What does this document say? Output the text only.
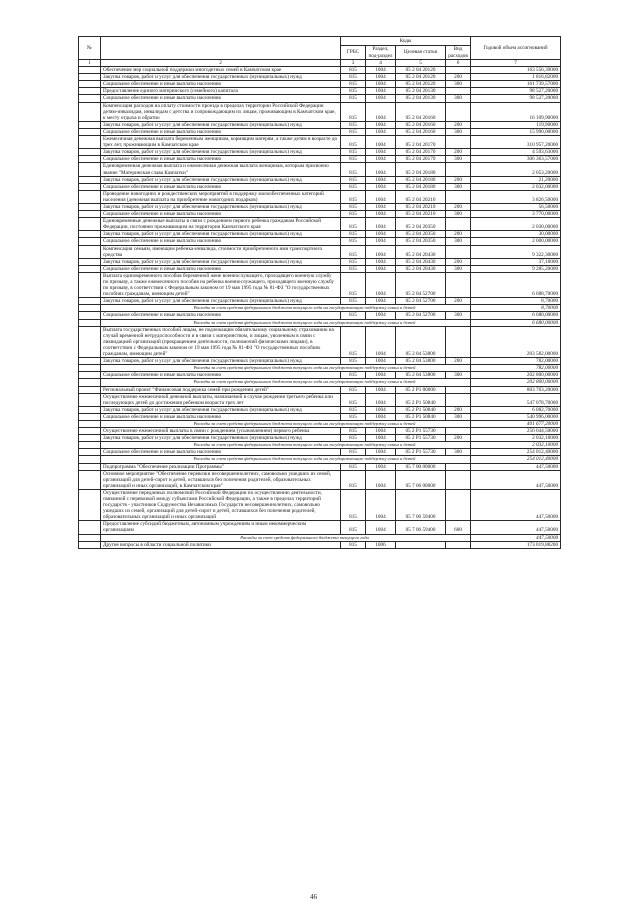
№		Коды				Годовой объем ассигнований
		ГРБС	Раздел, под-раздел	Целевая статья	Вид расходов	
1	2	3	4	5	6	7
	Обеспечение мер социальной поддержки многодетных семей в Камчатском крае	815	1004	05 2 04 20120		163 556,39000
	Закупка товаров, работ и услуг для обеспечения государственных (муниципальных) нужд	815	1004	05 2 04 20120	200	1 816,82000
	Социальное обеспечение и иные выплаты населению	815	1004	05 2 04 20120	300	161 739,57000
	Предоставление единого материнского (семейного) капитала	815	1004	05 2 04 20130		98 527,20000
	Социальное обеспечение и иные выплаты населению	815	1004	05 2 04 20130	300	98 527,20000
	Компенсация расходов на оплату стоимости проезда в пределах территории Российской Федерации детям-инвалидам, инвалидам с детства и сопровождающим их лицам, проживающим в Камчатском крае, к месту отдыха и обратно	815	1004	05 2 04 20160		16 109,90000
	Закупка товаров, работ и услуг для обеспечения государственных (муниципальных) нужд	815	1004	05 2 04 20160	200	119,90000
	Социальное обеспечение и иные выплаты населению	815	1004	05 2 04 20160	300	15 990,00000
	Ежемесячная денежная выплата беременным женщинам, кормящим матерям, а также детям в возрасте до трех лет, проживающим в Камчатском крае	815	1004	05 2 04 20170		310 957,20000
	Закупка товаров, работ и услуг для обеспечения государственных (муниципальных) нужд	815	1004	05 2 04 20170	200	4 593,63000
	Социальное обеспечение и иные выплаты населению	815	1004	05 2 04 20170	300	306 363,57000
	Единовременная денежная выплата и ежемесячная денежная выплата женщинам, которым присвоено звание "Материнская слава Камчатки"	815	1004	05 2 04 20180		2 053,20000
	Закупка товаров, работ и услуг для обеспечения государственных (муниципальных) нужд	815	1004	05 2 04 20180	200	21,20000
	Социальное обеспечение и иные выплаты населению	815	1004	05 2 04 20180	300	2 032,00000
	Проведение новогодних и рождественских мероприятий в поддержку малообеспеченных категорий населения (денежная выплата на приобретение новогодних подарков)	815	1004	05 2 04 20210		3 826,50000
	Закупка товаров, работ и услуг для обеспечения государственных (муниципальных) нужд	815	1004	05 2 04 20210	200	56,50000
	Социальное обеспечение и иные выплаты населению	815	1004	05 2 04 20210	300	3 770,00000
	Единовременные денежные выплаты в связи с рождением первого ребенка гражданам Российской Федерации, постоянно проживающим на территории Камчатского края	815	1004	05 2 04 20350		2 030,00000
	Закупка товаров, работ и услуг для обеспечения государственных (муниципальных) нужд	815	1004	05 2 04 20350	200	30,00000
	Социальное обеспечение и иные выплаты населению	815	1004	05 2 04 20350	300	2 000,00000
	Компенсация семьям, имеющим ребенка-инвалида, стоимости приобретенного ими транспортного средства	815	1004	05 2 04 20430		9 322,30000
	Закупка товаров, работ и услуг для обеспечения государственных (муниципальных) нужд	815	1004	05 2 04 20430	200	37,10000
	Социальное обеспечение и иные выплаты населению	815	1004	05 2 04 20430	300	9 285,20000
	Выплата единовременного пособия беременной жене военнослужащего, проходящего военную службу по призыву, а также ежемесячного пособия на ребенка военнослужащего, проходящего военную службу по призыву, в соответствии с Федеральным законом от 19 мая 1995 года № 81-ФЗ "О государственных пособиях гражданам, имеющим детей"	815	1004	05 2 04 52700		6 688,70000
	Закупка товаров, работ и услуг для обеспечения государственных (муниципальных) нужд	815	1004	05 2 04 52700	200	8,70000
	Расходы за счет средств федерального бюджета текущего года на государственную поддержку семьи и детей					8,70000
	Социальное обеспечение и иные выплаты населению	815	1004	05 2 04 52700	300	6 680,00000
	Расходы за счет средств федерального бюджета текущего года на государственную поддержку семьи и детей					6 680,00000
	Выплата государственных пособий лицам, не подлежащим обязательному социальному страхованию на случай временной нетрудоспособности и в связи с материнством, и лицам, уволенным в связи с ликвидацией организаций (прекращением деятельности, полномочий физическими лицами), в соответствии с Федеральным законом от 19 мая 1995 года № 81-ФЗ "О государственных пособиях гражданам, имеющим детей"	815	1004	05 2 04 53800		203 582,00000
	Закупка товаров, работ и услуг для обеспечения государственных (муниципальных) нужд	815	1004	05 2 04 53800	200	782,00000
	Расходы за счет средств федерального бюджета текущего года на государственную поддержку семьи и детей					782,00000
	Социальное обеспечение и иные выплаты населению	815	1004	05 2 04 53800	300	202 800,00000
	Расходы за счет средств федерального бюджета текущего года на государственную поддержку семьи и детей					202 800,00000
	Региональный проект "Финансовая поддержка семей при рождении детей"	815	1004	05 2 P1 00000		803 703,20000
	Осуществление ежемесячной денежной выплаты, назначаемой в случае рождения третьего ребенка или последующих детей до достижения ребенком возраста трех лет	815	1004	05 2 P1 50840		547 078,70000
	Закупка товаров, работ и услуг для обеспечения государственных (муниципальных) нужд	815	1004	05 2 P1 50840	200	6 082,70000
	Социальное обеспечение и иные выплаты населению	815	1004	05 2 P1 50840	300	540 996,00000
	Расходы за счет средств федерального бюджета текущего года на государственную поддержку семьи и детей					401 677,20000
	Осуществление ежемесячной выплаты в связи с рождением (усыновлением) первого ребенка	815	1004	05 2 P1 55730		256 044,50000
	Закупка товаров, работ и услуг для обеспечения государственных (муниципальных) нужд	815	1004	05 2 P1 55730	200	2 032,10000
	Расходы за счет средств федерального бюджета текущего года на государственную поддержку семьи и детей					2 032,10000
	Социальное обеспечение и иные выплаты населению	815	1004	05 2 P1 55730	300	254 012,40000
	Расходы за счет средств федерального бюджета текущего года на государственную поддержку семьи и детей					254 012,40000
	Подпрограмма "Обеспечение реализации Программы"	815	1004	05 7 00 00000		447,50000
	Основное мероприятие "Обеспечение перевозки несовершеннолетних, самовольно ушедших из семей, организаций для детей-сирот и детей, оставшихся без попечения родителей, образовательных организаций и иных организаций, в Камчатском крае"	815	1004	05 7 06 00000		447,50000
	Осуществление переданных полномочий Российской Федерации по осуществлению деятельности, связанной с перевозкой между субъектами Российской Федерации, а также в пределах территорий государств - участников Содружества Независимых Государств несовершеннолетних, самовольно ушедших из семей, организаций для детей-сирот и детей, оставшихся без попечения родителей, образовательных организаций и иных организаций	815	1004	05 7 06 59400		447,50000
	Предоставление субсидий бюджетным, автономным учреждениям и иным некоммерческим организациям	815	1004	05 7 06 59400	600	447,50000
	Расходы за счет средств федерального бюджета текущего года					447,50000
	Другие вопросы в области социальной политики	815	1006			173 019,88200
46
